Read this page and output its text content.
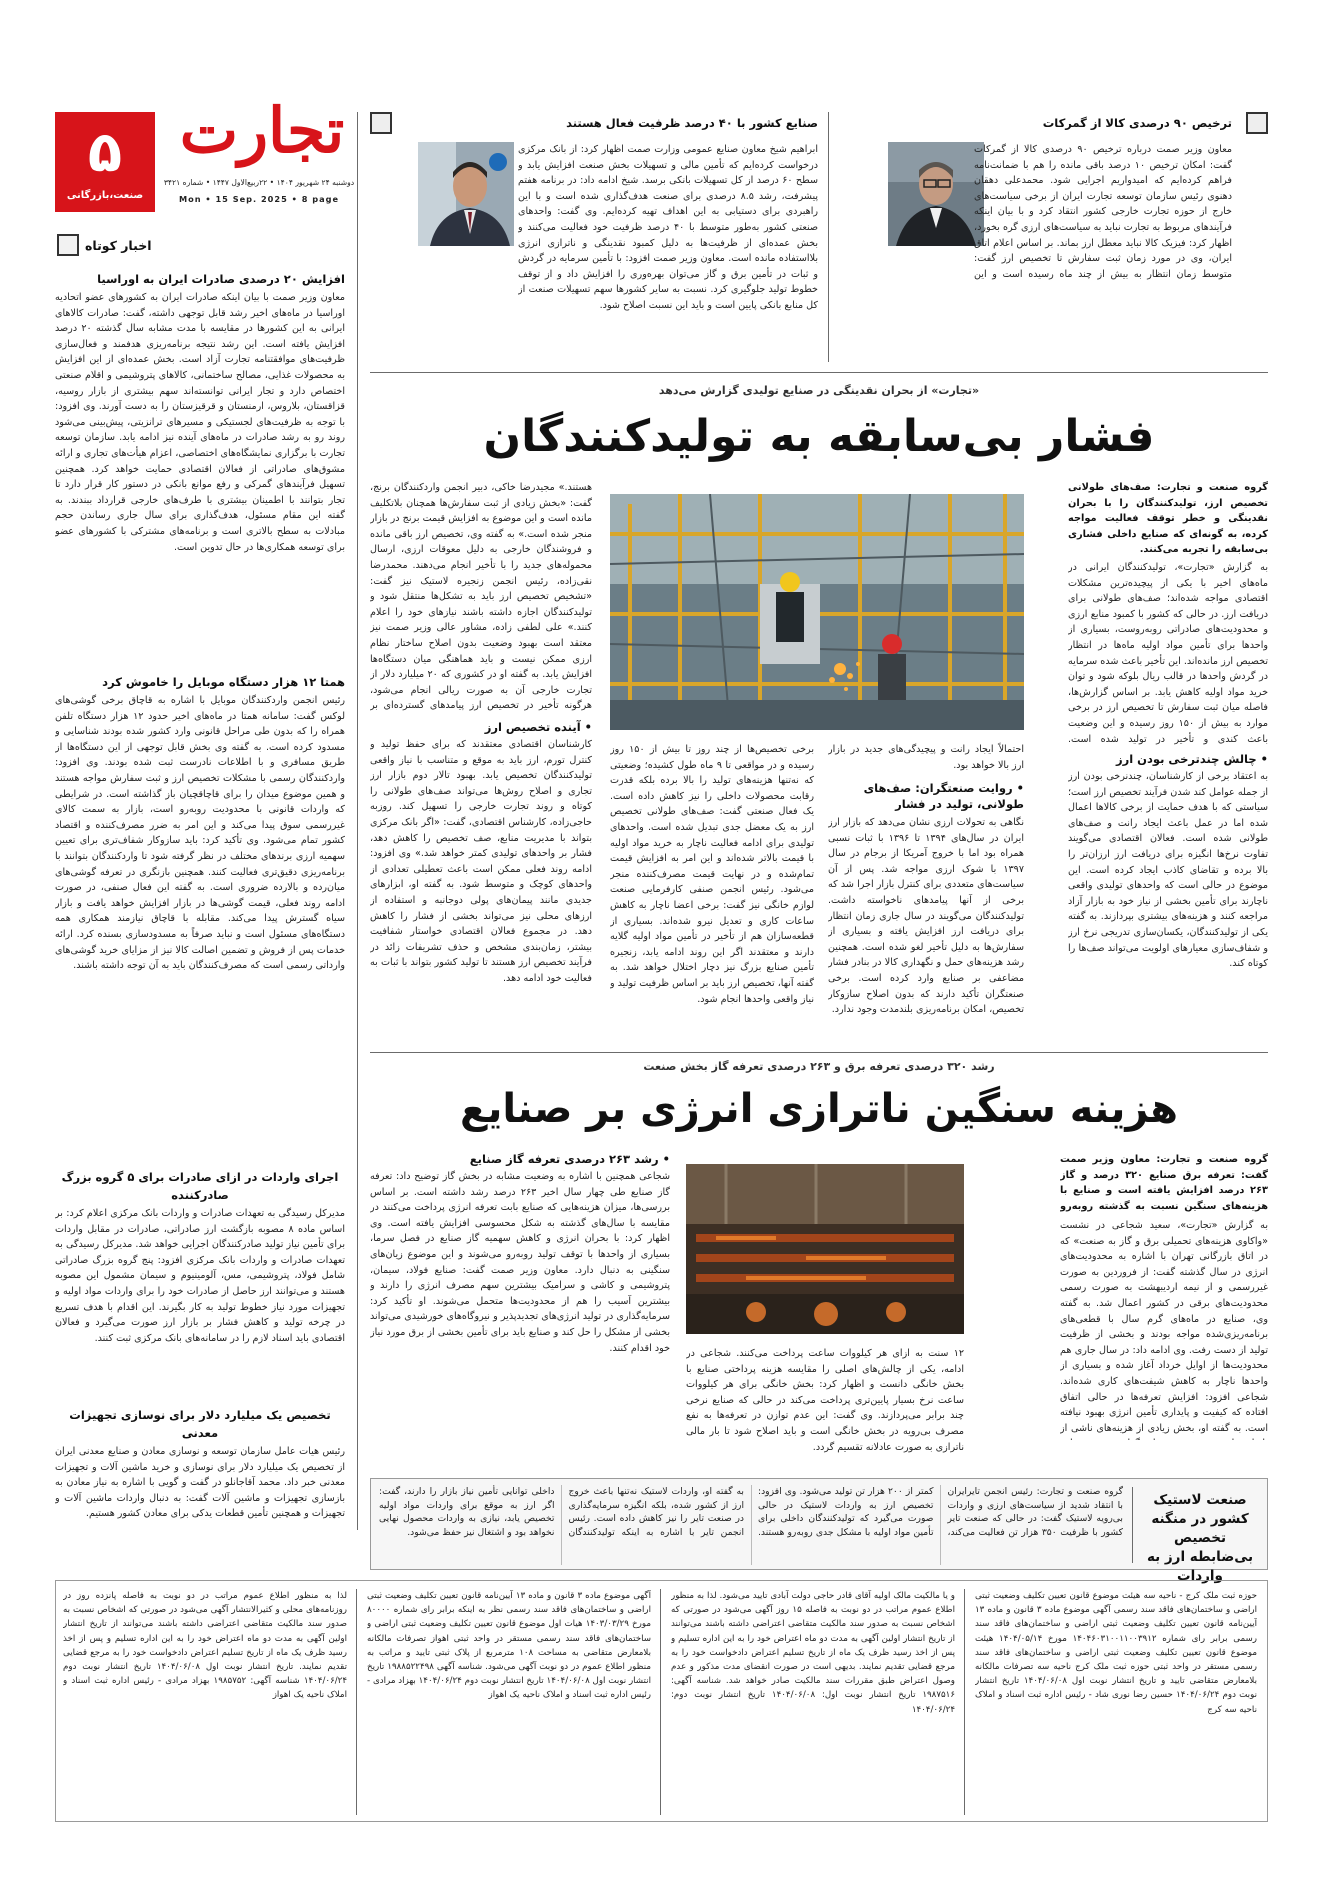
۵
صنعت،بازرگانی
تجارت
دوشنبه ۲۴ شهریور ۱۴۰۴ • ۲۲ربیع‌الاول ۱۴۴۷ • شماره ۳۴۲۱
Mon • 15 Sep. 2025 • 8 page
اخبار کوتاه
افزایش ۲۰ درصدی صادرات ایران به اوراسیا

معاون وزیر صمت با بیان اینکه صادرات ایران به کشورهای عضو اتحادیه اوراسیا در ماه‌های اخیر رشد قابل توجهی داشته، گفت: صادرات کالاهای ایرانی به این کشورها در مقایسه با مدت مشابه سال گذشته ۲۰ درصد افزایش یافته است. این رشد نتیجه برنامه‌ریزی هدفمند و فعال‌سازی ظرفیت‌های موافقتنامه تجارت آزاد است. بخش عمده‌ای از این افزایش به محصولات غذایی، مصالح ساختمانی، کالاهای پتروشیمی و اقلام صنعتی اختصاص دارد و تجار ایرانی توانسته‌اند سهم بیشتری از بازار روسیه، قزاقستان، بلاروس، ارمنستان و قرقیزستان را به دست آورند. وی افزود: با توجه به ظرفیت‌های لجستیکی و مسیرهای ترانزیتی، پیش‌بینی می‌شود روند رو به رشد صادرات در ماه‌های آینده نیز ادامه یابد. سازمان توسعه تجارت با برگزاری نمایشگاه‌های اختصاصی، اعزام هیأت‌های تجاری و ارائه مشوق‌های صادراتی از فعالان اقتصادی حمایت خواهد کرد. همچنین تسهیل فرآیندهای گمرکی و رفع موانع بانکی در دستور کار قرار دارد تا تجار بتوانند با اطمینان بیشتری با طرف‌های خارجی قرارداد ببندند. به گفته این مقام مسئول، هدف‌گذاری برای سال جاری رساندن حجم مبادلات به سطح بالاتری است و برنامه‌های مشترکی با کشورهای عضو برای توسعه همکاری‌ها در حال تدوین است.

همتا ۱۲ هزار دستگاه موبایل را خاموش کرد

رئیس انجمن واردکنندگان موبایل با اشاره به قاچاق برخی گوشی‌های لوکس گفت: سامانه همتا در ماه‌های اخیر حدود ۱۲ هزار دستگاه تلفن همراه را که بدون طی مراحل قانونی وارد کشور شده بودند شناسایی و مسدود کرده است. به گفته وی بخش قابل توجهی از این دستگاه‌ها از طریق مسافری و با اطلاعات نادرست ثبت شده بودند. وی افزود: واردکنندگان رسمی با مشکلات تخصیص ارز و ثبت سفارش مواجه هستند و همین موضوع میدان را برای قاچاقچیان باز گذاشته است. در شرایطی که واردات قانونی با محدودیت روبه‌رو است، بازار به سمت کالای غیررسمی سوق پیدا می‌کند و این امر به ضرر مصرف‌کننده و اقتصاد کشور تمام می‌شود. وی تأکید کرد: باید سازوکار شفاف‌تری برای تعیین سهمیه ارزی برندهای مختلف در نظر گرفته شود تا واردکنندگان بتوانند با برنامه‌ریزی دقیق‌تری فعالیت کنند. همچنین بازنگری در تعرفه گوشی‌های میان‌رده و بالارده ضروری است. به گفته این فعال صنفی، در صورت ادامه روند فعلی، قیمت گوشی‌ها در بازار افزایش خواهد یافت و بازار سیاه گسترش پیدا می‌کند. مقابله با قاچاق نیازمند همکاری همه دستگاه‌های مسئول است و نباید صرفاً به مسدودسازی بسنده کرد. ارائه خدمات پس از فروش و تضمین اصالت کالا نیز از مزایای خرید گوشی‌های وارداتی رسمی است که مصرف‌کنندگان باید به آن توجه داشته باشند.

اجرای واردات در ازای صادرات برای ۵ گروه بزرگ صادرکننده

مدیرکل رسیدگی به تعهدات صادرات و واردات بانک مرکزی اعلام کرد: بر اساس ماده ۸ مصوبه بازگشت ارز صادراتی، صادرات در مقابل واردات برای تأمین نیاز تولید صادرکنندگان اجرایی خواهد شد. مدیرکل رسیدگی به تعهدات صادرات و واردات بانک مرکزی افزود: پنج گروه بزرگ صادراتی شامل فولاد، پتروشیمی، مس، آلومینیوم و سیمان مشمول این مصوبه هستند و می‌توانند ارز حاصل از صادرات خود را برای واردات مواد اولیه و تجهیزات مورد نیاز خطوط تولید به کار بگیرند. این اقدام با هدف تسریع در چرخه تولید و کاهش فشار بر بازار ارز صورت می‌گیرد و فعالان اقتصادی باید اسناد لازم را در سامانه‌های بانک مرکزی ثبت کنند.

تخصیص یک میلیارد دلار برای نوسازی تجهیزات معدنی

رئیس هیات عامل سازمان توسعه و نوسازی معادن و صنایع معدنی ایران از تخصیص یک میلیارد دلار برای نوسازی و خرید ماشین آلات و تجهیزات معدنی خبر داد. محمد آقاجانلو در گفت و گویی با اشاره به نیاز معادن به بازسازی تجهیزات و ماشین آلات گفت: به دنبال واردات ماشین آلات و تجهیزات و همچنین تأمین قطعات یدکی برای معادن کشور هستیم.

صنایع کشور با ۴۰ درصد ظرفیت فعال هستند

ابراهیم شیخ معاون صنایع عمومی وزارت صمت اظهار کرد: از بانک مرکزی درخواست کرده‌ایم که تأمین مالی و تسهیلات بخش صنعت افزایش یابد و سطح ۶۰ درصد از کل تسهیلات بانکی برسد. شیخ ادامه داد: در برنامه هفتم پیشرفت، رشد ۸.۵ درصدی برای صنعت هدف‌گذاری شده است و با این راهبردی برای دستیابی به این اهداف تهیه کرده‌ایم. وی گفت: واحدهای صنعتی کشور به‌طور متوسط با ۴۰ درصد ظرفیت خود فعالیت می‌کنند و بخش عمده‌ای از ظرفیت‌ها به دلیل کمبود نقدینگی و ناترازی انرژی بلااستفاده مانده است. معاون وزیر صمت افزود: با تأمین سرمایه در گردش و ثبات در تأمین برق و گاز می‌توان بهره‌وری را افزایش داد و از توقف خطوط تولید جلوگیری کرد. نسبت به سایر کشورها سهم تسهیلات صنعت از کل منابع بانکی پایین است و باید این نسبت اصلاح شود.

ترخیص ۹۰ درصدی کالا از گمرکات

معاون وزیر صمت درباره ترخیص ۹۰ درصدی کالا از گمرکات گفت: امکان ترخیص ۱۰ درصد باقی مانده را هم با ضمانت‌نامه فراهم کرده‌ایم که امیدواریم اجرایی شود. محمدعلی دهقان دهنوی رئیس سازمان توسعه تجارت ایران از برخی سیاست‌های خارج از حوزه تجارت خارجی کشور انتقاد کرد و با بیان اینکه فرآیندهای مربوط به تجارت نباید به سیاست‌های ارزی گره بخورد، اظهار کرد: فیزیک کالا نباید معطل ارز بماند. بر اساس اعلام اتاق ایران، وی در مورد زمان ثبت سفارش تا تخصیص ارز گفت: متوسط زمان انتظار به بیش از چند ماه رسیده است و این

«تجارت» از بحران نقدینگی در صنایع تولیدی گزارش می‌دهد
فشار بی‌سابقه به تولیدکنندگان

گروه صنعت و تجارت: صف‌های طولانی تخصیص ارز، تولیدکنندگان را با بحران نقدینگی و خطر توقف فعالیت مواجه کرده، به گونه‌ای که صنایع داخلی فشاری بی‌سابقه را تجربه می‌کنند.

به گزارش «تجارت»، تولیدکنندگان ایرانی در ماه‌های اخیر با یکی از پیچیده‌ترین مشکلات اقتصادی مواجه شده‌اند؛ صف‌های طولانی برای دریافت ارز. در حالی که کشور با کمبود منابع ارزی و محدودیت‌های صادراتی روبه‌روست، بسیاری از واحدها برای تأمین مواد اولیه ماه‌ها در انتظار تخصیص ارز مانده‌اند. این تأخیر باعث شده سرمایه در گردش واحدها در قالب ریال بلوکه شود و توان خرید مواد اولیه کاهش یابد. بر اساس گزارش‌ها، فاصله میان ثبت سفارش تا تخصیص ارز در برخی موارد به بیش از ۱۵۰ روز رسیده و این وضعیت باعث کندی و تأخیر در تولید شده است.

• چالش چندترخی بودن ارز

به اعتقاد برخی از کارشناسان، چندنرخی بودن ارز از جمله عوامل کند شدن فرآیند تخصیص ارز است؛ سیاستی که با هدف حمایت از برخی کالاها اعمال شده اما در عمل باعث ایجاد رانت و صف‌های طولانی شده است. فعالان اقتصادی می‌گویند تفاوت نرخ‌ها انگیزه برای دریافت ارز ارزان‌تر را بالا برده و تقاضای کاذب ایجاد کرده است. این موضوع در حالی است که واحدهای تولیدی واقعی ناچارند برای تأمین بخشی از نیاز خود به بازار آزاد مراجعه کنند و هزینه‌های بیشتری بپردازند. به گفته یکی از تولیدکنندگان، یکسان‌سازی تدریجی نرخ ارز و شفاف‌سازی معیارهای اولویت می‌تواند صف‌ها را کوتاه کند.

احتمالاً ایجاد رانت و پیچیدگی‌های جدید در بازار ارز بالا خواهد بود.

• روایت صنعتگران: صف‌های طولانی، تولید در فشار

نگاهی به تحولات ارزی نشان می‌دهد که بازار ارز ایران در سال‌های ۱۳۹۴ تا ۱۳۹۶ با ثبات نسبی همراه بود اما با خروج آمریکا از برجام در سال ۱۳۹۷ با شوک ارزی مواجه شد. پس از آن سیاست‌های متعددی برای کنترل بازار اجرا شد که برخی از آنها پیامدهای ناخواسته داشت. تولیدکنندگان می‌گویند در سال جاری زمان انتظار برای دریافت ارز افزایش یافته و بسیاری از سفارش‌ها به دلیل تأخیر لغو شده است. همچنین رشد هزینه‌های حمل و نگهداری کالا در بنادر فشار مضاعفی بر صنایع وارد کرده است. برخی صنعتگران تأکید دارند که بدون اصلاح سازوکار تخصیص، امکان برنامه‌ریزی بلندمدت وجود ندارد.

برخی تخصیص‌ها از چند روز تا بیش از ۱۵۰ روز رسیده و در مواقعی تا ۹ ماه طول کشیده؛ وضعیتی که نه‌تنها هزینه‌های تولید را بالا برده بلکه قدرت رقابت محصولات داخلی را نیز کاهش داده است. یک فعال صنعتی گفت: صف‌های طولانی تخصیص ارز به یک معضل جدی تبدیل شده است. واحدهای تولیدی برای ادامه فعالیت ناچار به خرید مواد اولیه با قیمت بالاتر شده‌اند و این امر به افزایش قیمت تمام‌شده و در نهایت قیمت مصرف‌کننده منجر می‌شود. رئیس انجمن صنفی کارفرمایی صنعت لوازم خانگی نیز گفت: برخی اعضا ناچار به کاهش ساعات کاری و تعدیل نیرو شده‌اند. بسیاری از قطعه‌سازان هم از تأخیر در تأمین مواد اولیه گلایه دارند و معتقدند اگر این روند ادامه یابد، زنجیره تأمین صنایع بزرگ نیز دچار اختلال خواهد شد. به گفته آنها، تخصیص ارز باید بر اساس ظرفیت تولید و نیاز واقعی واحدها انجام شود.

هستند.» مجیدرضا خاکی، دبیر انجمن واردکنندگان برنج، گفت: «بخش زیادی از ثبت سفارش‌ها همچنان بلاتکلیف مانده است و این موضوع به افزایش قیمت برنج در بازار منجر شده است.» به گفته وی، تخصیص ارز باقی مانده و فروشندگان خارجی به دلیل معوقات ارزی، ارسال محموله‌های جدید را با تأخیر انجام می‌دهند. محمدرضا نقی‌زاده، رئیس انجمن زنجیره لاستیک نیز گفت: «تشخیص تخصیص ارز باید به تشکل‌ها منتقل شود و تولیدکنندگان اجازه داشته باشند نیازهای خود را اعلام کنند.» علی لطفی زاده، مشاور عالی وزیر صمت نیز معتقد است بهبود وضعیت بدون اصلاح ساختار نظام ارزی ممکن نیست و باید هماهنگی میان دستگاه‌ها افزایش یابد. به گفته او در کشوری که ۲۰ میلیارد دلار از تجارت خارجی آن به صورت ریالی انجام می‌شود، هرگونه تأخیر در تخصیص ارز پیامدهای گسترده‌ای بر

• آینده تخصیص ارز

کارشناسان اقتصادی معتقدند که برای حفظ تولید و کنترل تورم، ارز باید به موقع و متناسب با نیاز واقعی تولیدکنندگان تخصیص یابد. بهبود تالار دوم بازار ارز تجاری و اصلاح روش‌ها می‌تواند صف‌های طولانی را کوتاه و روند تجارت خارجی را تسهیل کند. روزبه حاجی‌زاده، کارشناس اقتصادی، گفت: «اگر بانک مرکزی بتواند با مدیریت منابع، صف تخصیص را کاهش دهد، فشار بر واحدهای تولیدی کمتر خواهد شد.» وی افزود: ادامه روند فعلی ممکن است باعث تعطیلی تعدادی از واحدهای کوچک و متوسط شود. به گفته او، ابزارهای جدیدی مانند پیمان‌های پولی دوجانبه و استفاده از ارزهای محلی نیز می‌تواند بخشی از فشار را کاهش دهد. در مجموع فعالان اقتصادی خواستار شفافیت بیشتر، زمان‌بندی مشخص و حذف تشریفات زائد در فرآیند تخصیص ارز هستند تا تولید کشور بتواند با ثبات به فعالیت خود ادامه دهد.

رشد ۳۲۰ درصدی تعرفه برق و ۲۶۳ درصدی تعرفه گاز بخش صنعت
هزینه سنگین ناترازی انرژی بر صنایع

گروه صنعت و تجارت: معاون وزیر صمت گفت: تعرفه برق صنایع ۳۲۰ درصد و گاز ۲۶۳ درصد افزایش یافته است و صنایع با هزینه‌های سنگین نسبت به گذشته روبه‌رو

به گزارش «تجارت»، سعید شجاعی در نشست «واکاوی هزینه‌های تحمیلی برق و گاز به صنعت» که در اتاق بازرگانی تهران با اشاره به محدودیت‌های انرژی در سال گذشته گفت: از فروردین به صورت غیررسمی و از نیمه اردیبهشت به صورت رسمی محدودیت‌های برقی در کشور اعمال شد. به گفته وی، صنایع در ماه‌های گرم سال با قطعی‌های برنامه‌ریزی‌شده مواجه بودند و بخشی از ظرفیت تولید از دست رفت. وی ادامه داد: در سال جاری هم محدودیت‌ها از اوایل خرداد آغاز شده و بسیاری از واحدها ناچار به کاهش شیفت‌های کاری شده‌اند. شجاعی افزود: افزایش تعرفه‌ها در حالی اتفاق افتاده که کیفیت و پایداری تأمین انرژی بهبود نیافته است. به گفته او، بخش زیادی از هزینه‌های ناشی از

۱۲ سنت به ازای هر کیلووات ساعت پرداخت می‌کنند. شجاعی در ادامه، یکی از چالش‌های اصلی را مقایسه هزینه پرداختی صنایع با بخش خانگی دانست و اظهار کرد: بخش خانگی برای هر کیلووات ساعت نرخ بسیار پایین‌تری پرداخت می‌کند در حالی که صنایع نرخی چند برابر می‌پردازند. وی گفت: این عدم توازن در تعرفه‌ها به نفع مصرف بی‌رویه در بخش خانگی است و باید اصلاح شود تا بار مالی ناترازی به صورت عادلانه تقسیم گردد.

• رشد ۲۶۳ درصدی تعرفه گاز صنایع

شجاعی همچنین با اشاره به وضعیت مشابه در بخش گاز توضیح داد: تعرفه گاز صنایع طی چهار سال اخیر ۲۶۳ درصد رشد داشته است. بر اساس بررسی‌ها، میزان هزینه‌هایی که صنایع بابت تعرفه انرژی پرداخت می‌کنند در مقایسه با سال‌های گذشته به شکل محسوسی افزایش یافته است. وی اظهار کرد: با بحران انرژی و کاهش سهمیه گاز صنایع در فصل سرما، بسیاری از واحدها با توقف تولید روبه‌رو می‌شوند و این موضوع زیان‌های سنگینی به دنبال دارد. معاون وزیر صمت گفت: صنایع فولاد، سیمان، پتروشیمی و کاشی و سرامیک بیشترین سهم مصرف انرژی را دارند و بیشترین آسیب را هم از محدودیت‌ها متحمل می‌شوند. او تأکید کرد: سرمایه‌گذاری در تولید انرژی‌های تجدیدپذیر و نیروگاه‌های خورشیدی می‌تواند بخشی از مشکل را حل کند و صنایع باید برای تأمین بخشی از برق مورد نیاز خود اقدام کنند.

صنعت لاستیک کشور در منگنه تخصیص بی‌ضابطه ارز به واردات

گروه صنعت و تجارت: رئیس انجمن تایرایران با انتقاد شدید از سیاست‌های ارزی و واردات بی‌رویه لاستیک گفت: در حالی که صنعت تایر کشور با ظرفیت ۳۵۰ هزار تن فعالیت می‌کند، کمتر از ۲۰۰ هزار تن تولید می‌شود. وی افزود: تخصیص ارز به واردات لاستیک در حالی صورت می‌گیرد که تولیدکنندگان داخلی برای تأمین مواد اولیه با مشکل جدی روبه‌رو هستند. به گفته او، واردات لاستیک نه‌تنها باعث خروج ارز از کشور شده، بلکه انگیزه سرمایه‌گذاری در صنعت تایر را نیز کاهش داده است. رئیس انجمن تایر با اشاره به اینکه تولیدکنندگان داخلی توانایی تأمین نیاز بازار را دارند، گفت: اگر ارز به موقع برای واردات مواد اولیه تخصیص یابد، نیازی به واردات محصول نهایی نخواهد بود و اشتغال نیز حفظ می‌شود.

حوزه ثبت ملک کرج - ناحیه سه هیئت موضوع قانون تعیین تکلیف وضعیت ثبتی اراضی و ساختمان‌های فاقد سند رسمی آگهی موضوع ماده ۳ قانون و ماده ۱۳ آیین‌نامه قانون تعیین تکلیف وضعیت ثبتی اراضی و ساختمان‌های فاقد سند رسمی برابر رای شماره ۱۴۰۴۶۰۳۱۰۰۱۱۰۰۳۹۱۲ مورخ ۱۴۰۴/۰۵/۱۴ هیئت موضوع قانون تعیین تکلیف وضعیت ثبتی اراضی و ساختمان‌های فاقد سند رسمی مستقر در واحد ثبتی حوزه ثبت ملک کرج ناحیه سه تصرفات مالکانه بلامعارض متقاضی تایید و تاریخ انتشار نوبت اول ۱۴۰۴/۰۶/۰۸ تاریخ انتشار نوبت دوم ۱۴۰۴/۰۶/۲۴ حسین رضا نوری شاد - رئیس اداره ثبت اسناد و املاک ناحیه سه کرج

و یا مالکیت مالک اولیه آقای قادر حاجی دولت آبادی تایید می‌شود. لذا به منظور اطلاع عموم مراتب در دو نوبت به فاصله ۱۵ روز آگهی می‌شود در صورتی که اشخاص نسبت به صدور سند مالکیت متقاضی اعتراضی داشته باشند می‌توانند از تاریخ انتشار اولین آگهی به مدت دو ماه اعتراض خود را به این اداره تسلیم و پس از اخذ رسید ظرف یک ماه از تاریخ تسلیم اعتراض دادخواست خود را به مرجع قضایی تقدیم نمایند. بدیهی است در صورت انقضای مدت مذکور و عدم وصول اعتراض طبق مقررات سند مالکیت صادر خواهد شد. شناسه آگهی: ۱۹۸۷۵۱۶ تاریخ انتشار نوبت اول: ۱۴۰۴/۰۶/۰۸ تاریخ انتشار نوبت دوم: ۱۴۰۴/۰۶/۲۴

آگهی موضوع ماده ۳ قانون و ماده ۱۳ آیین‌نامه قانون تعیین تکلیف وضعیت ثبتی اراضی و ساختمان‌های فاقد سند رسمی نظر به اینکه برابر رای شماره ۸۰۰۰۰ مورخ ۱۴۰۳/۰۳/۲۹ هیات اول موضوع قانون تعیین تکلیف وضعیت ثبتی اراضی و ساختمان‌های فاقد سند رسمی مستقر در واحد ثبتی اهواز تصرفات مالکانه بلامعارض متقاضی به مساحت ۱۰۸ مترمربع از پلاک ثبتی تایید و مراتب به منظور اطلاع عموم در دو نوبت آگهی می‌شود. شناسه آگهی ۱۹۸۸۵۲۲۴۹۸ تاریخ انتشار نوبت اول ۱۴۰۴/۰۶/۰۸ تاریخ انتشار نوبت دوم ۱۴۰۴/۰۶/۲۴ بهزاد مرادی - رئیس اداره ثبت اسناد و املاک ناحیه یک اهواز

لذا به منظور اطلاع عموم مراتب در دو نوبت به فاصله پانزده روز در روزنامه‌های محلی و کثیرالانتشار آگهی می‌شود در صورتی که اشخاص نسبت به صدور سند مالکیت متقاضی اعتراضی داشته باشند می‌توانند از تاریخ انتشار اولین آگهی به مدت دو ماه اعتراض خود را به این اداره تسلیم و پس از اخذ رسید ظرف یک ماه از تاریخ تسلیم اعتراض دادخواست خود را به مرجع قضایی تقدیم نمایند. تاریخ انتشار نوبت اول ۱۴۰۴/۰۶/۰۸ تاریخ انتشار نوبت دوم ۱۴۰۴/۰۶/۲۴ شناسه آگهی: ۱۹۸۵۷۵۲ بهزاد مرادی - رئیس اداره ثبت اسناد و املاک ناحیه یک اهواز
